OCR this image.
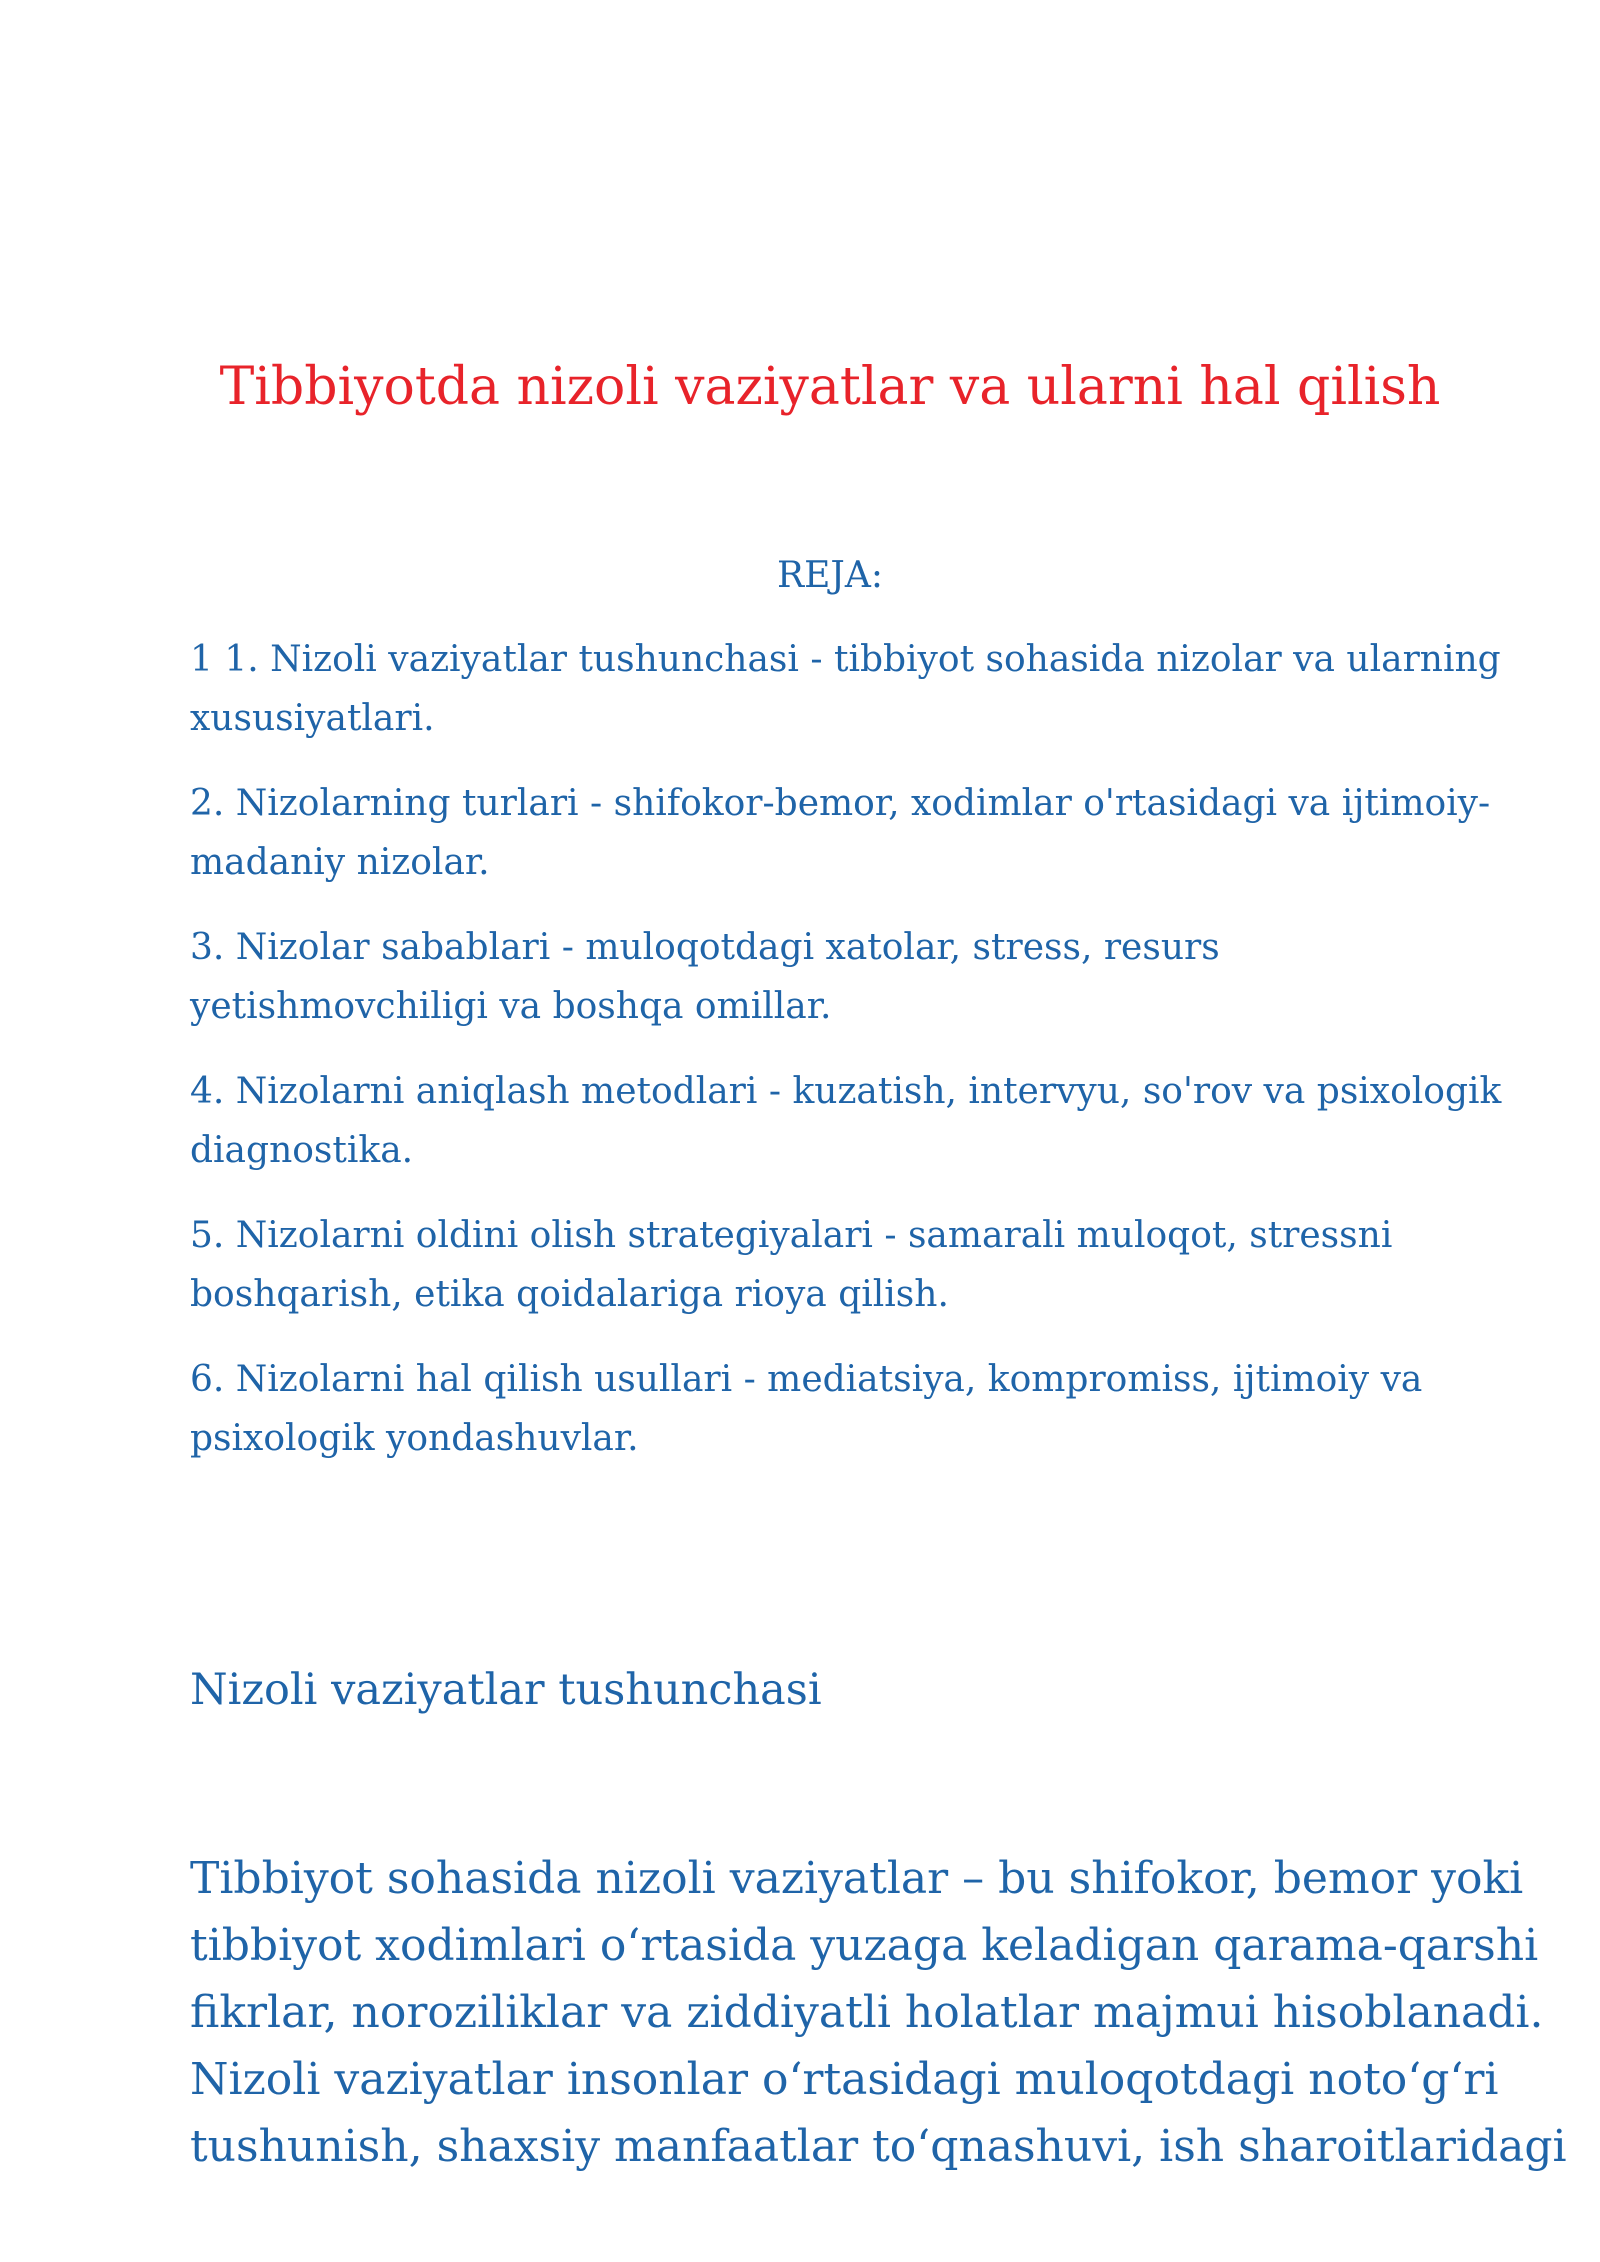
Tibbiyotda nizoli vaziyatlar va ularni hal qilish
REJA:
1 1. Nizoli vaziyatlar tushunchasi - tibbiyot sohasida nizolar va ularning
xususiyatlari.
2. Nizolarning turlari - shifokor-bemor, xodimlar o'rtasidagi va ijtimoiy-
madaniy nizolar.
3. Nizolar sabablari - muloqotdagi xatolar, stress, resurs
yetishmovchiligi va boshqa omillar.
4. Nizolarni aniqlash metodlari - kuzatish, intervyu, so'rov va psixologik
diagnostika.
5. Nizolarni oldini olish strategiyalari - samarali muloqot, stressni
boshqarish, etika qoidalariga rioya qilish.
6. Nizolarni hal qilish usullari - mediatsiya, kompromiss, ijtimoiy va
psixologik yondashuvlar.
Nizoli vaziyatlar tushunchasi

Tibbiyot sohasida nizoli vaziyatlar – bu shifokor, bemor yoki
tibbiyot xodimlari o‘rtasida yuzaga keladigan qarama-qarshi
fikrlar, noroziliklar va ziddiyatli holatlar majmui hisoblanadi.
Nizoli vaziyatlar insonlar o‘rtasidagi muloqotdagi noto‘g‘ri
tushunish, shaxsiy manfaatlar to‘qnashuvi, ish sharoitlaridagi
